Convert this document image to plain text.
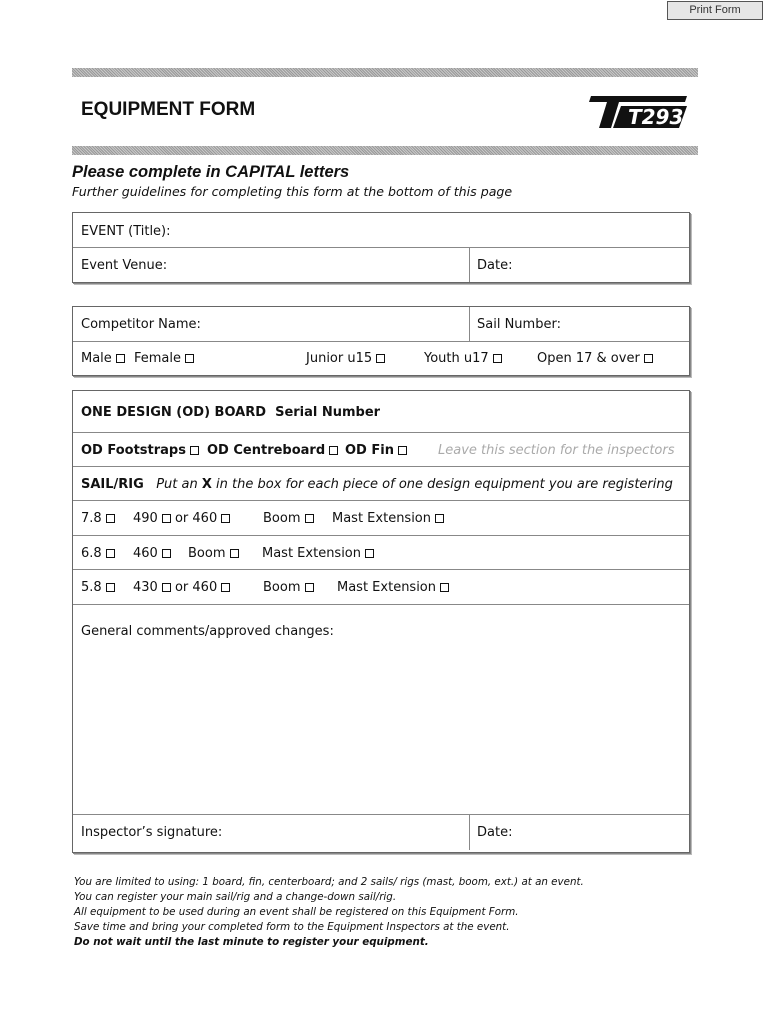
Print Form
EQUIPMENT FORM	T293
Please complete in CAPITAL letters
Further guidelines for completing this form at the bottom of this page
EVENT (Title):
Event Venue:	Date:
Competitor Name:	Sail Number:
Male	Female	Junior u15	Youth u17	Open 17 & over
ONE DESIGN (OD) BOARD Serial Number
OD Footstraps	OD Centreboard	OD Fin	Leave this section for the inspectors
SAIL/RIG Put an X in the box for each piece of one design equipment you are registering
7.8	490 or 460	Boom	Mast Extension
6.8	460	Boom	Mast Extension
5.8	430 or 460	Boom	Mast Extension
General comments/approved changes:
Inspector’s signature:	Date:
You are limited to using: 1 board, fin, centerboard; and 2 sails/ rigs (mast, boom, ext.) at an event.
You can register your main sail/rig and a change-down sail/rig.
All equipment to be used during an event shall be registered on this Equipment Form.
Save time and bring your completed form to the Equipment Inspectors at the event.
Do not wait until the last minute to register your equipment.
